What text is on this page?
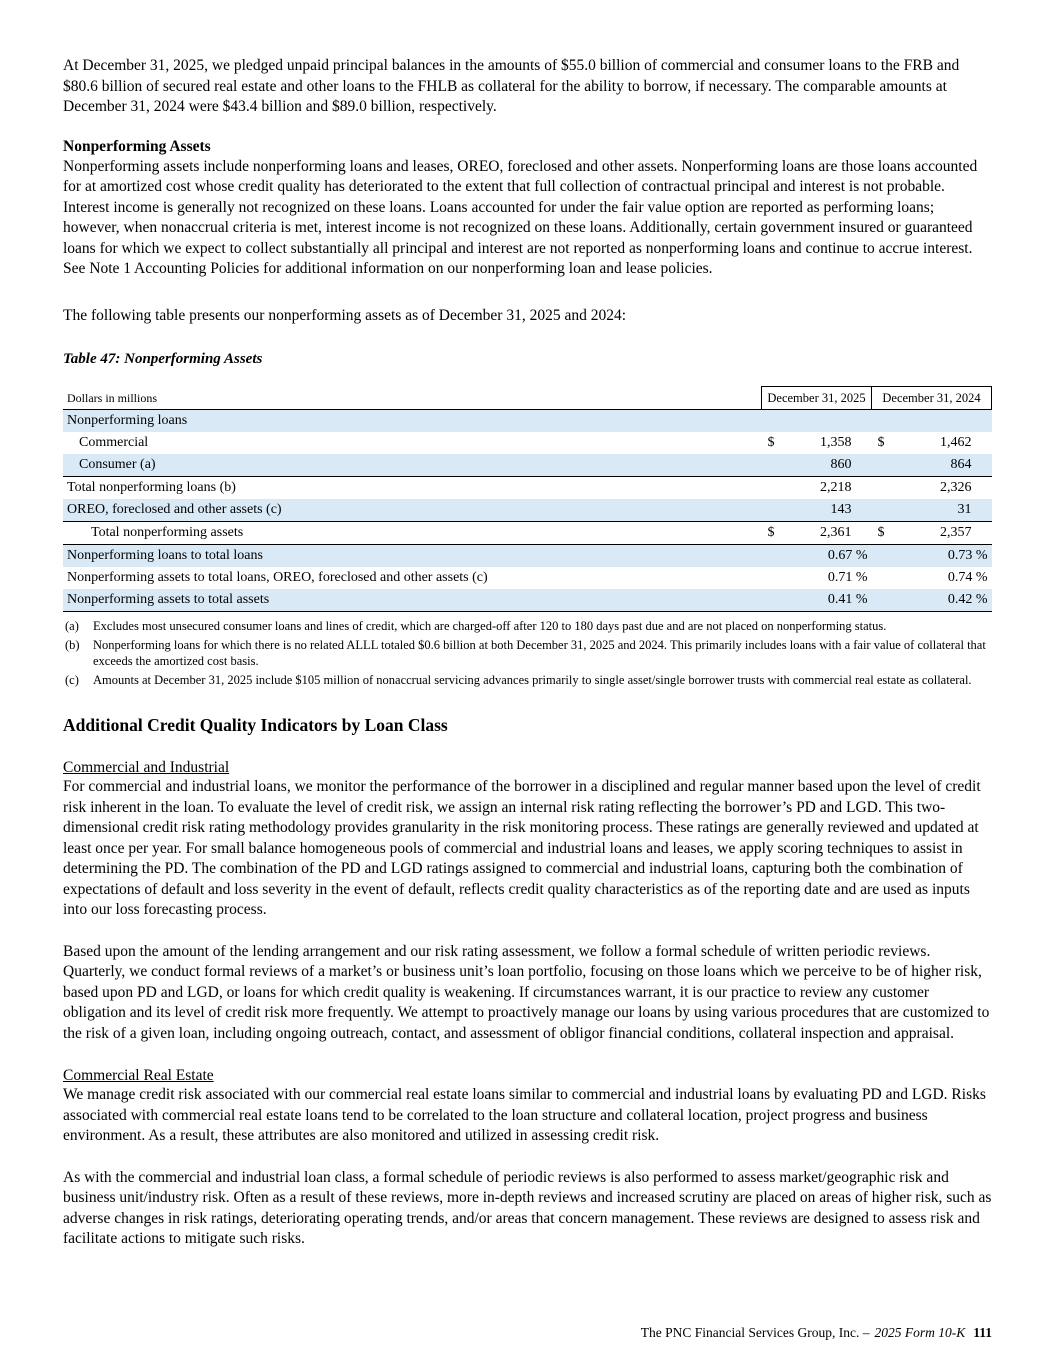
At December 31, 2025, we pledged unpaid principal balances in the amounts of $55.0 billion of commercial and consumer loans to the FRB and $80.6 billion of secured real estate and other loans to the FHLB as collateral for the ability to borrow, if necessary. The comparable amounts at December 31, 2024 were $43.4 billion and $89.0 billion, respectively.

Nonperforming Assets

Nonperforming assets include nonperforming loans and leases, OREO, foreclosed and other assets. Nonperforming loans are those loans accounted for at amortized cost whose credit quality has deteriorated to the extent that full collection of contractual principal and interest is not probable. Interest income is generally not recognized on these loans. Loans accounted for under the fair value option are reported as performing loans; however, when nonaccrual criteria is met, interest income is not recognized on these loans. Additionally, certain government insured or guaranteed loans for which we expect to collect substantially all principal and interest are not reported as nonperforming loans and continue to accrue interest. See Note 1 Accounting Policies for additional information on our nonperforming loan and lease policies.

The following table presents our nonperforming assets as of December 31, 2025 and 2024:

Table 47: Nonperforming Assets

Dollars in millions	December 31, 2025		December 31, 2024	
Nonperforming loans				
Commercial	$	1,358	$	1,462
Consumer (a)		860		864
Total nonperforming loans (b)		2,218		2,326
OREO, foreclosed and other assets (c)		143		31
Total nonperforming assets	$	2,361	$	2,357
Nonperforming loans to total loans		0.67 %		0.73 %
Nonperforming assets to total loans, OREO, foreclosed and other assets (c)		0.71 %		0.74 %
Nonperforming assets to total assets		0.41 %		0.42 %
(a)	Excludes most unsecured consumer loans and lines of credit, which are charged-off after 120 to 180 days past due and are not placed on nonperforming status.
(b)	Nonperforming loans for which there is no related ALLL totaled $0.6 billion at both December 31, 2025 and 2024. This primarily includes loans with a fair value of collateral that exceeds the amortized cost basis.
(c)	Amounts at December 31, 2025 include $105 million of nonaccrual servicing advances primarily to single asset/single borrower trusts with commercial real estate as collateral.
Additional Credit Quality Indicators by Loan Class

Commercial and Industrial

For commercial and industrial loans, we monitor the performance of the borrower in a disciplined and regular manner based upon the level of credit risk inherent in the loan. To evaluate the level of credit risk, we assign an internal risk rating reflecting the borrower’s PD and LGD. This two-dimensional credit risk rating methodology provides granularity in the risk monitoring process. These ratings are generally reviewed and updated at least once per year. For small balance homogeneous pools of commercial and industrial loans and leases, we apply scoring techniques to assist in determining the PD. The combination of the PD and LGD ratings assigned to commercial and industrial loans, capturing both the combination of expectations of default and loss severity in the event of default, reflects credit quality characteristics as of the reporting date and are used as inputs into our loss forecasting process.

Based upon the amount of the lending arrangement and our risk rating assessment, we follow a formal schedule of written periodic reviews. Quarterly, we conduct formal reviews of a market’s or business unit’s loan portfolio, focusing on those loans which we perceive to be of higher risk, based upon PD and LGD, or loans for which credit quality is weakening. If circumstances warrant, it is our practice to review any customer obligation and its level of credit risk more frequently. We attempt to proactively manage our loans by using various procedures that are customized to the risk of a given loan, including ongoing outreach, contact, and assessment of obligor financial conditions, collateral inspection and appraisal.

Commercial Real Estate

We manage credit risk associated with our commercial real estate loans similar to commercial and industrial loans by evaluating PD and LGD. Risks associated with commercial real estate loans tend to be correlated to the loan structure and collateral location, project progress and business environment. As a result, these attributes are also monitored and utilized in assessing credit risk.

As with the commercial and industrial loan class, a formal schedule of periodic reviews is also performed to assess market/geographic risk and business unit/industry risk. Often as a result of these reviews, more in-depth reviews and increased scrutiny are placed on areas of higher risk, such as adverse changes in risk ratings, deteriorating operating trends, and/or areas that concern management. These reviews are designed to assess risk and facilitate actions to mitigate such risks.

The PNC Financial Services Group, Inc. – 2025 Form 10-K 111
